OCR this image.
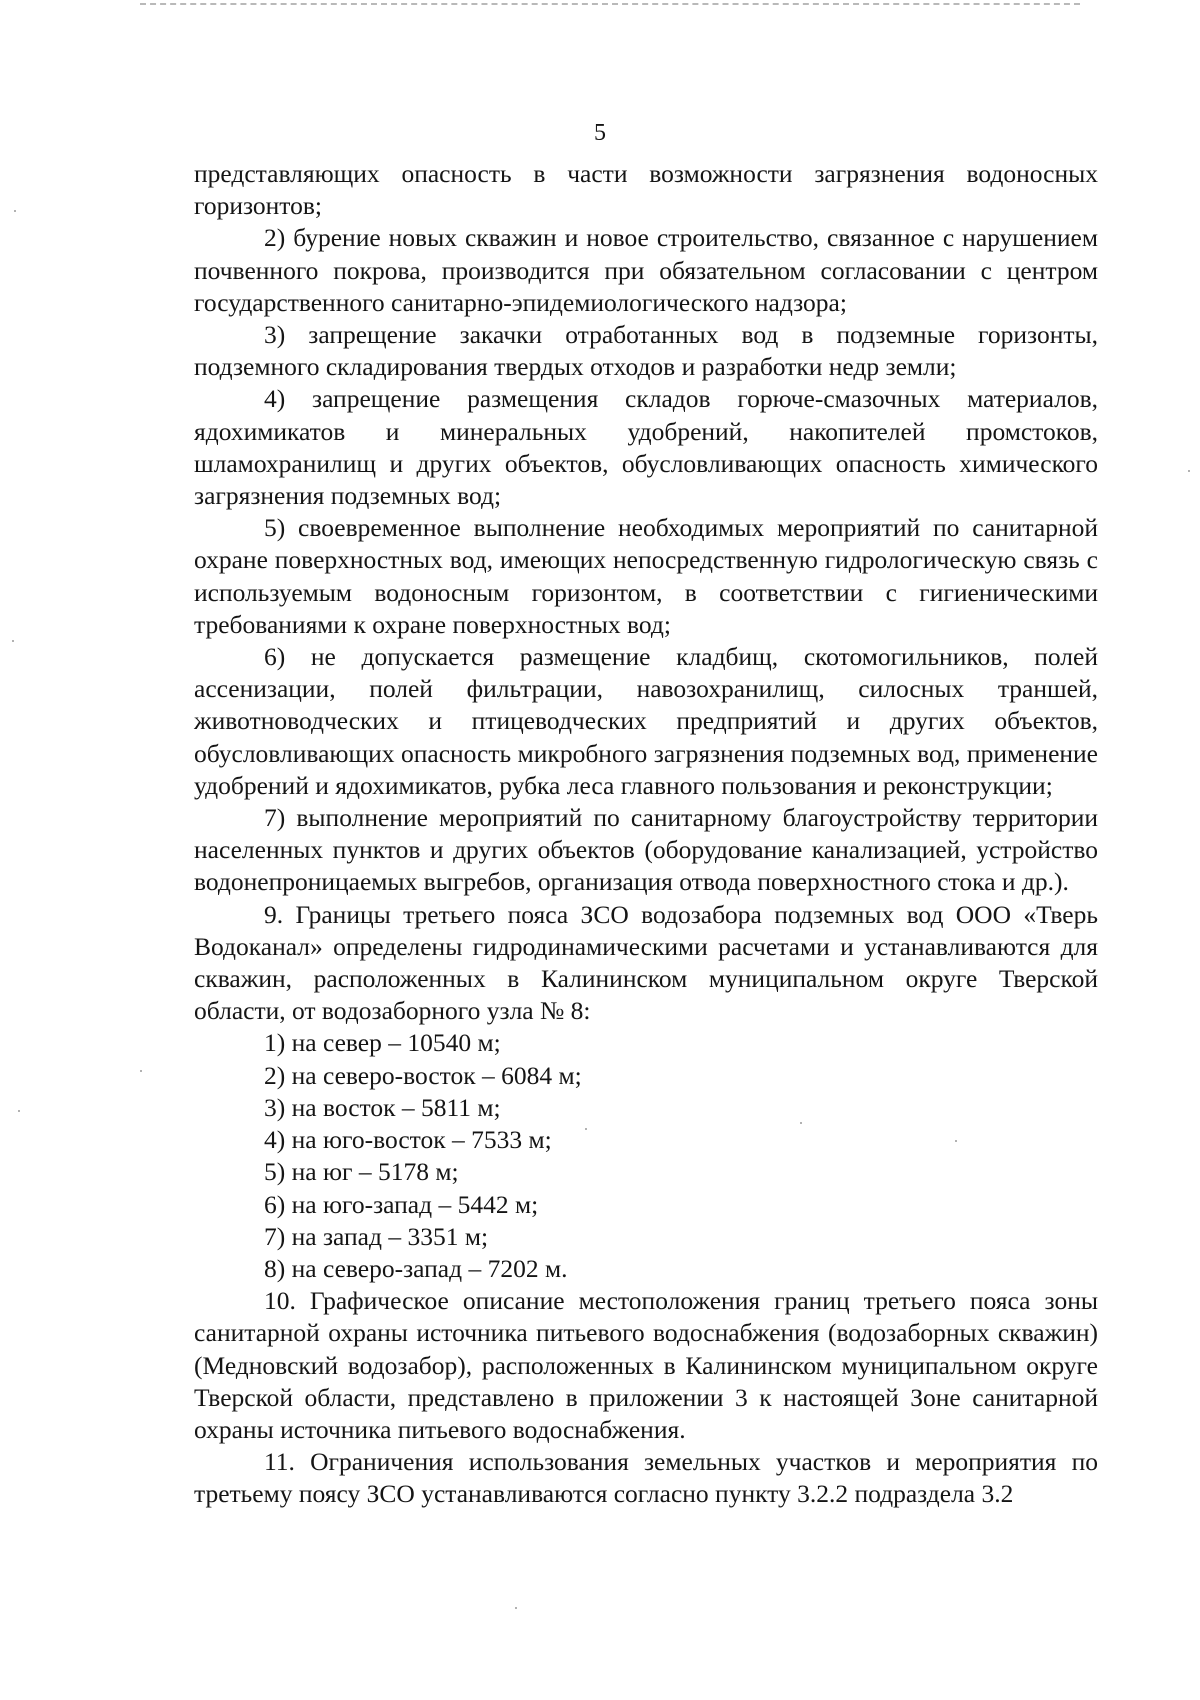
5

представляющих опасность в части возможности загрязнения водоносных горизонтов;

2) бурение новых скважин и новое строительство, связанное с нарушением почвенного покрова, производится при обязательном согласовании с центром государственного санитарно-эпидемиологического надзора;

3) запрещение закачки отработанных вод в подземные горизонты, подземного складирования твердых отходов и разработки недр земли;

4) запрещение размещения складов горюче-смазочных материалов, ядохимикатов и минеральных удобрений, накопителей промстоков, шламохранилищ и других объектов, обусловливающих опасность химического загрязнения подземных вод;

5) своевременное выполнение необходимых мероприятий по санитарной охране поверхностных вод, имеющих непосредственную гидрологическую связь с используемым водоносным горизонтом, в соответствии с гигиеническими требованиями к охране поверхностных вод;

6) не допускается размещение кладбищ, скотомогильников, полей ассенизации, полей фильтрации, навозохранилищ, силосных траншей, животноводческих и птицеводческих предприятий и других объектов, обусловливающих опасность микробного загрязнения подземных вод, применение удобрений и ядохимикатов, рубка леса главного пользования и реконструкции;

7) выполнение мероприятий по санитарному благоустройству территории населенных пунктов и других объектов (оборудование канализацией, устройство водонепроницаемых выгребов, организация отвода поверхностного стока и др.).

9. Границы третьего пояса ЗСО водозабора подземных вод ООО «Тверь Водоканал» определены гидродинамическими расчетами и устанавливаются для скважин, расположенных в Калининском муниципальном округе Тверской области, от водозаборного узла № 8:

1) на север – 10540 м;

2) на северо-восток – 6084 м;

3) на восток – 5811 м;

4) на юго-восток – 7533 м;

5) на юг – 5178 м;

6) на юго-запад – 5442 м;

7) на запад – 3351 м;

8) на северо-запад – 7202 м.

10. Графическое описание местоположения границ третьего пояса зоны санитарной охраны источника питьевого водоснабжения (водозаборных скважин) (Медновский водозабор), расположенных в Калининском муниципальном округе Тверской области, представлено в приложении 3 к настоящей Зоне санитарной охраны источника питьевого водоснабжения.

11. Ограничения использования земельных участков и мероприятия по третьему поясу ЗСО устанавливаются согласно пункту 3.2.2 подраздела 3.2
